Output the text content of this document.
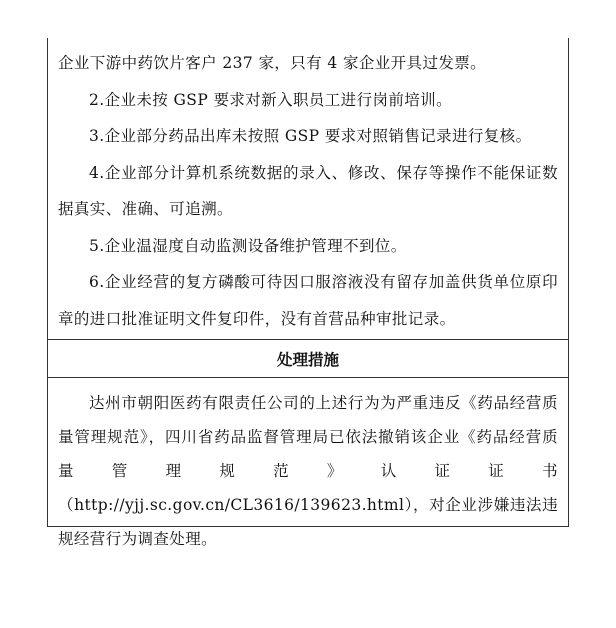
企业下游中药饮片客户 237 家，只有 4 家企业开具过发票。

2.企业未按 GSP 要求对新入职员工进行岗前培训。

3.企业部分药品出库未按照 GSP 要求对照销售记录进行复核。

4.企业部分计算机系统数据的录入、修改、保存等操作不能保证数据真实、准确、可追溯。

5.企业温湿度自动监测设备维护管理不到位。

6.企业经营的复方磷酸可待因口服溶液没有留存加盖供货单位原印章的进口批准证明文件复印件，没有首营品种审批记录。

处理措施

达州市朝阳医药有限责任公司的上述行为为严重违反《药品经营质量管理规范》，四川省药品监督管理局已依法撤销该企业《药品经营质量管理规范》认证证书（http://yjj.sc.gov.cn/CL3616/139623.html），对企业涉嫌违法违规经营行为调查处理。
